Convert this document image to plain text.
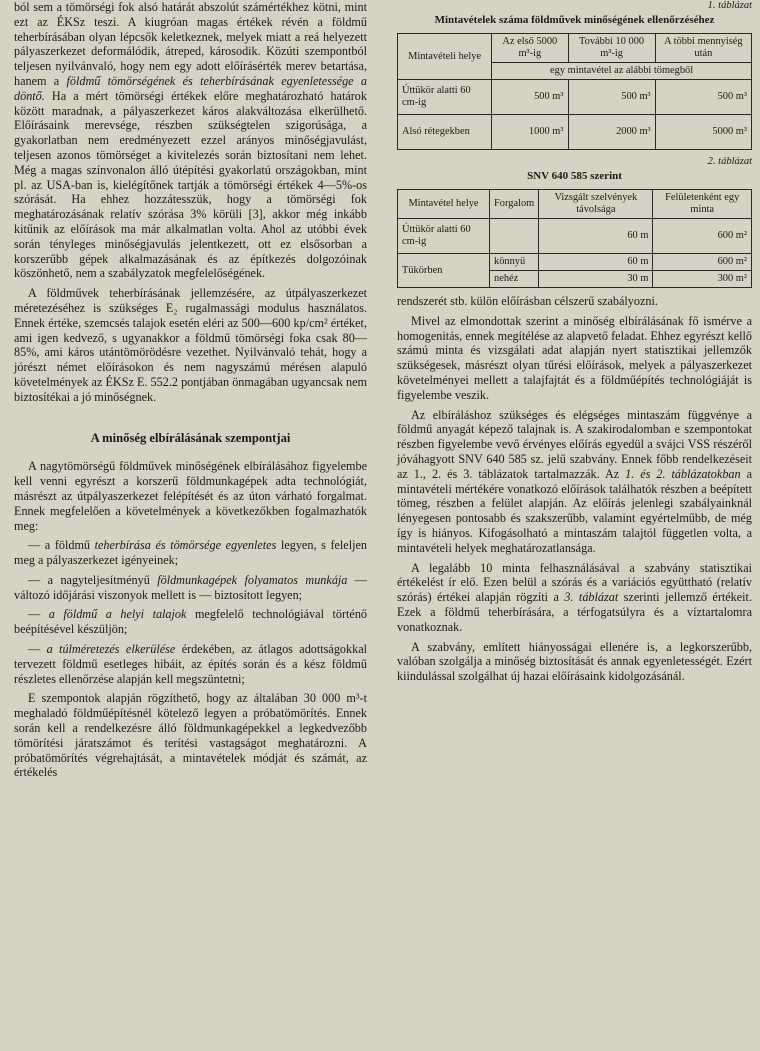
ból sem a tömörségi fok alsó határát abszolút számértékhez kötni, mint ezt az ÉKSz teszi. A kiugróan magas értékek révén a földmű teherbírásában olyan lépcsők keletkeznek, melyek miatt a reá helyezett pályaszerkezet deformálódik, átreped, károsodik. Közúti szempontból teljesen nyilvánvaló, hogy nem egy adott előírásérték merev betartása, hanem a földmű tömörségének és teherbírásának egyenletessége a döntő. Ha a mért tömörségi értékek előre meghatározható határok között maradnak, a pályaszerkezet káros alakváltozása elkerülhető. Előírásaink merevsége, részben szükségtelen szigorúsága, a gyakorlatban nem eredményezett ezzel arányos minőségjavulást, teljesen azonos tömörséget a kivitelezés során biztosítani nem lehet. Még a magas színvonalon álló útépítési gyakorlatú országokban, mint pl. az USA-ban is, kielégítőnek tartják a tömörségi értékek 4—5%-os szórását. Ha ehhez hozzátesszük, hogy a tömörségi fok meghatározásának relatív szórása 3% körüli [3], akkor még inkább kitűnik az előírások ma már alkalmatlan volta. Ahol az utóbbi évek során tényleges minőségjavulás jelentkezett, ott ez elsősorban a korszerűbb gépek alkalmazásának és az építkezés dolgozóinak köszönhető, nem a szabályzatok megfelelőségének.

A földművek teherbírásának jellemzésére, az útpályaszerkezet méretezéséhez is szükséges E₂ rugalmassági modulus használatos. Ennek értéke, szemcsés talajok esetén eléri az 500—600 kp/cm² értéket, ami igen kedvező, s ugyanakkor a földmű tömörségi foka csak 80—85%, ami káros utántömörödésre vezethet. Nyilvánvaló tehát, hogy a jórészt német előírásokon és nem nagyszámú mérésen alapuló követelmények az ÉKSz E. 552.2 pontjában önmagában ugyancsak nem biztosítékai a jó minőségnek.

A minőség elbírálásának szempontjai

A nagytömörségű földművek minőségének elbírálásához figyelembe kell venni egyrészt a korszerű földmunkagépek adta technológiát, másrészt az útpályaszerkezet felépítését és az úton várható forgalmat. Ennek megfelelően a követelmények a következőkben fogalmazhatók meg:

— a földmű teherbírása és tömörsége egyenletes legyen, s feleljen meg a pályaszerkezet igényeinek;

— a nagyteljesítményű földmunkagépek folyamatos munkája — változó időjárási viszonyok mellett is — biztosított legyen;

— a földmű a helyi talajok megfelelő technológiával történő beépítésével készüljön;

— a túlméretezés elkerülése érdekében, az átlagos adottságokkal tervezett földmű esetleges hibáit, az építés során és a kész földmű részletes ellenőrzése alapján kell megszüntetni;

E szempontok alapján rögzíthető, hogy az általában 30 000 m³-t meghaladó földműépítésnél kötelező legyen a próbatömörítés. Ennek során kell a rendelkezésre álló földmunkagépekkel a legkedvezőbb tömörítési járatszámot és terítési vastagságot meghatározni. A próbatömörítés végrehajtását, a mintavételek módját és számát, az értékelés

1. táblázat
Mintavételek száma földművek minőségének ellenőrzéséhez
Mintavételi helye	Az első 5000 m³-ig	További 10 000 m³-ig	A többi mennyiség után
	egy mintavétel az alábbi tömegből		
Úttükör alatti 60 cm-ig	500 m³	500 m³	500 m³
Alsó rétegekben	1000 m³	2000 m³	5000 m³
2. táblázat
SNV 640 585 szerint
Mintavétel helye	Forgalom	Vizsgált szelvények távolsága	Felületenként egy minta
Úttükör alatti 60 cm-ig		60 m	600 m²
Tükörben	könnyű	60 m	600 m²
	nehéz	30 m	300 m²

rendszerét stb. külön előírásban célszerű szabályozni.

Mivel az elmondottak szerint a minőség elbírálásának fő ismérve a homogenitás, ennek megítélése az alapvető feladat. Ehhez egyrészt kellő számú minta és vizsgálati adat alapján nyert statisztikai jellemzők szükségesek, másrészt olyan tűrési előírások, melyek a pályaszerkezet követelményei mellett a talajfajtát és a földműépítés technológiáját is figyelembe veszik.

Az elbíráláshoz szükséges és elégséges mintaszám függvénye a földmű anyagát képező talajnak is. A szakirodalomban e szempontokat részben figyelembe vevő érvényes előírás egyedül a svájci VSS részéről jóváhagyott SNV 640 585 sz. jelű szabvány. Ennek főbb rendelkezéseit az 1., 2. és 3. táblázatok tartalmazzák. Az 1. és 2. táblázatokban a mintavételi mértékére vonatkozó előírások találhatók részben a beépített tömeg, részben a felület alapján. Az előírás jelenlegi szabályainknál lényegesen pontosabb és szakszerűbb, valamint egyértelműbb, de még így is hiányos. Kifogásolható a mintaszám talajtól független volta, a mintavételi helyek meghatározatlansága.

A legalább 10 minta felhasználásával a szabvány statisztikai értékelést ír elő. Ezen belül a szórás és a variációs együttható (relatív szórás) értékei alapján rögzíti a 3. táblázat szerinti jellemző értékeit. Ezek a földmű teherbírására, a térfogatsúlyra és a víztartalomra vonatkoznak.

A szabvány, említett hiányosságai ellenére is, a legkorszerűbb, valóban szolgálja a minőség biztosítását és annak egyenletességét. Ezért kiindulással szolgálhat új hazai előírásaink kidolgozásánál.
